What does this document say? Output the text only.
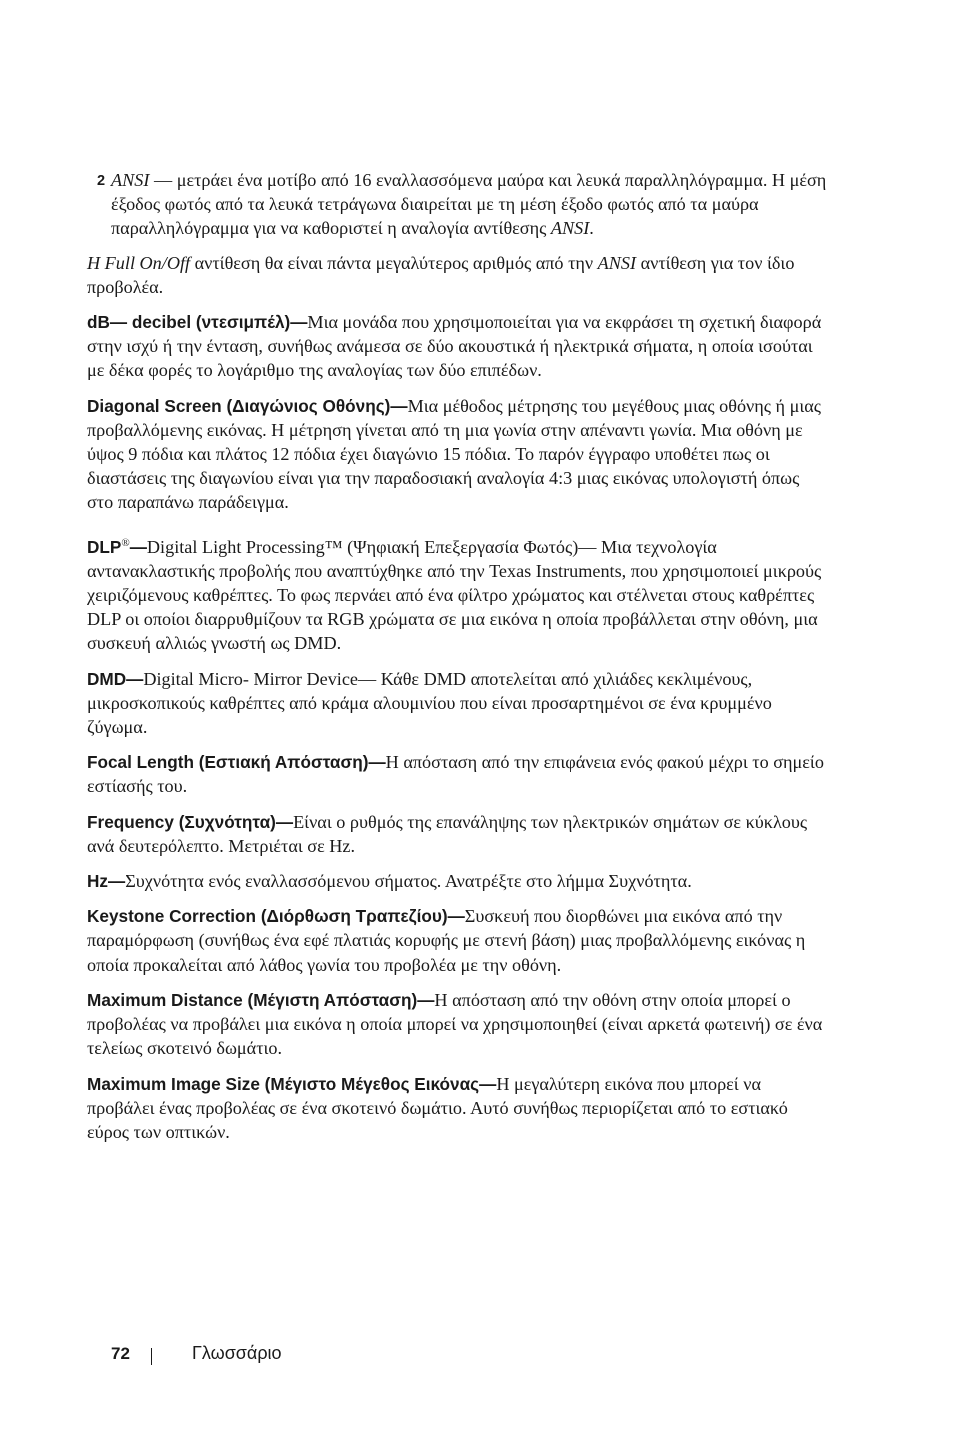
2 ANSI — μετράει ένα μοτίβο από 16 εναλλασσόμενα μαύρα και λευκά παραλληλόγραμμα. Η μέση έξοδος φωτός από τα λευκά τετράγωνα διαιρείται με τη μέση έξοδο φωτός από τα μαύρα παραλληλόγραμμα για να καθοριστεί η αναλογία αντίθεσης ANSI.

Η Full On/Off αντίθεση θα είναι πάντα μεγαλύτερος αριθμός από την ANSI αντίθεση για τον ίδιο προβολέα.

dB— decibel (ντεσιμπέλ)—Μια μονάδα που χρησιμοποιείται για να εκφράσει τη σχετική διαφορά στην ισχύ ή την ένταση, συνήθως ανάμεσα σε δύο ακουστικά ή ηλεκτρικά σήματα, η οποία ισούται με δέκα φορές το λογάριθμο της αναλογίας των δύο επιπέδων.

Diagonal Screen (Διαγώνιος Οθόνης)—Μια μέθοδος μέτρησης του μεγέθους μιας οθόνης ή μιας προβαλλόμενης εικόνας. Η μέτρηση γίνεται από τη μια γωνία στην απέναντι γωνία. Μια οθόνη με ύψος 9 πόδια και πλάτος 12 πόδια έχει διαγώνιο 15 πόδια. Το παρόν έγγραφο υποθέτει πως οι διαστάσεις της διαγωνίου είναι για την παραδοσιακή αναλογία 4:3 μιας εικόνας υπολογιστή όπως στο παραπάνω παράδειγμα.

DLP®—Digital Light Processing™ (Ψηφιακή Επεξεργασία Φωτός)— Μια τεχνολογία αντανακλαστικής προβολής που αναπτύχθηκε από την Texas Instruments, που χρησιμοποιεί μικρούς χειριζόμενους καθρέπτες. Το φως περνάει από ένα φίλτρο χρώματος και στέλνεται στους καθρέπτες DLP οι οποίοι διαρρυθμίζουν τα RGB χρώματα σε μια εικόνα η οποία προβάλλεται στην οθόνη, μια συσκευή αλλιώς γνωστή ως DMD.

DMD—Digital Micro- Mirror Device— Κάθε DMD αποτελείται από χιλιάδες κεκλιμένους, μικροσκοπικούς καθρέπτες από κράμα αλουμινίου που είναι προσαρτημένοι σε ένα κρυμμένο ζύγωμα.

Focal Length (Εστιακή Απόσταση)—Η απόσταση από την επιφάνεια ενός φακού μέχρι το σημείο εστίασής του.

Frequency (Συχνότητα)—Είναι ο ρυθμός της επανάληψης των ηλεκτρικών σημάτων σε κύκλους ανά δευτερόλεπτο. Μετριέται σε Hz.

Hz—Συχνότητα ενός εναλλασσόμενου σήματος. Ανατρέξτε στο λήμμα Συχνότητα.

Keystone Correction (Διόρθωση Τραπεζίου)—Συσκευή που διορθώνει μια εικόνα από την παραμόρφωση (συνήθως ένα εφέ πλατιάς κορυφής με στενή βάση) μιας προβαλλόμενης εικόνας η οποία προκαλείται από λάθος γωνία του προβολέα με την οθόνη.

Maximum Distance (Μέγιστη Απόσταση)—Η απόσταση από την οθόνη στην οποία μπορεί ο προβολέας να προβάλει μια εικόνα η οποία μπορεί να χρησιμοποιηθεί (είναι αρκετά φωτεινή) σε ένα τελείως σκοτεινό δωμάτιο.

Maximum Image Size (Μέγιστο Μέγεθος Εικόνας—Η μεγαλύτερη εικόνα που μπορεί να προβάλει ένας προβολέας σε ένα σκοτεινό δωμάτιο. Αυτό συνήθως περιορίζεται από το εστιακό εύρος των οπτικών.

72	Γλωσσάριο
